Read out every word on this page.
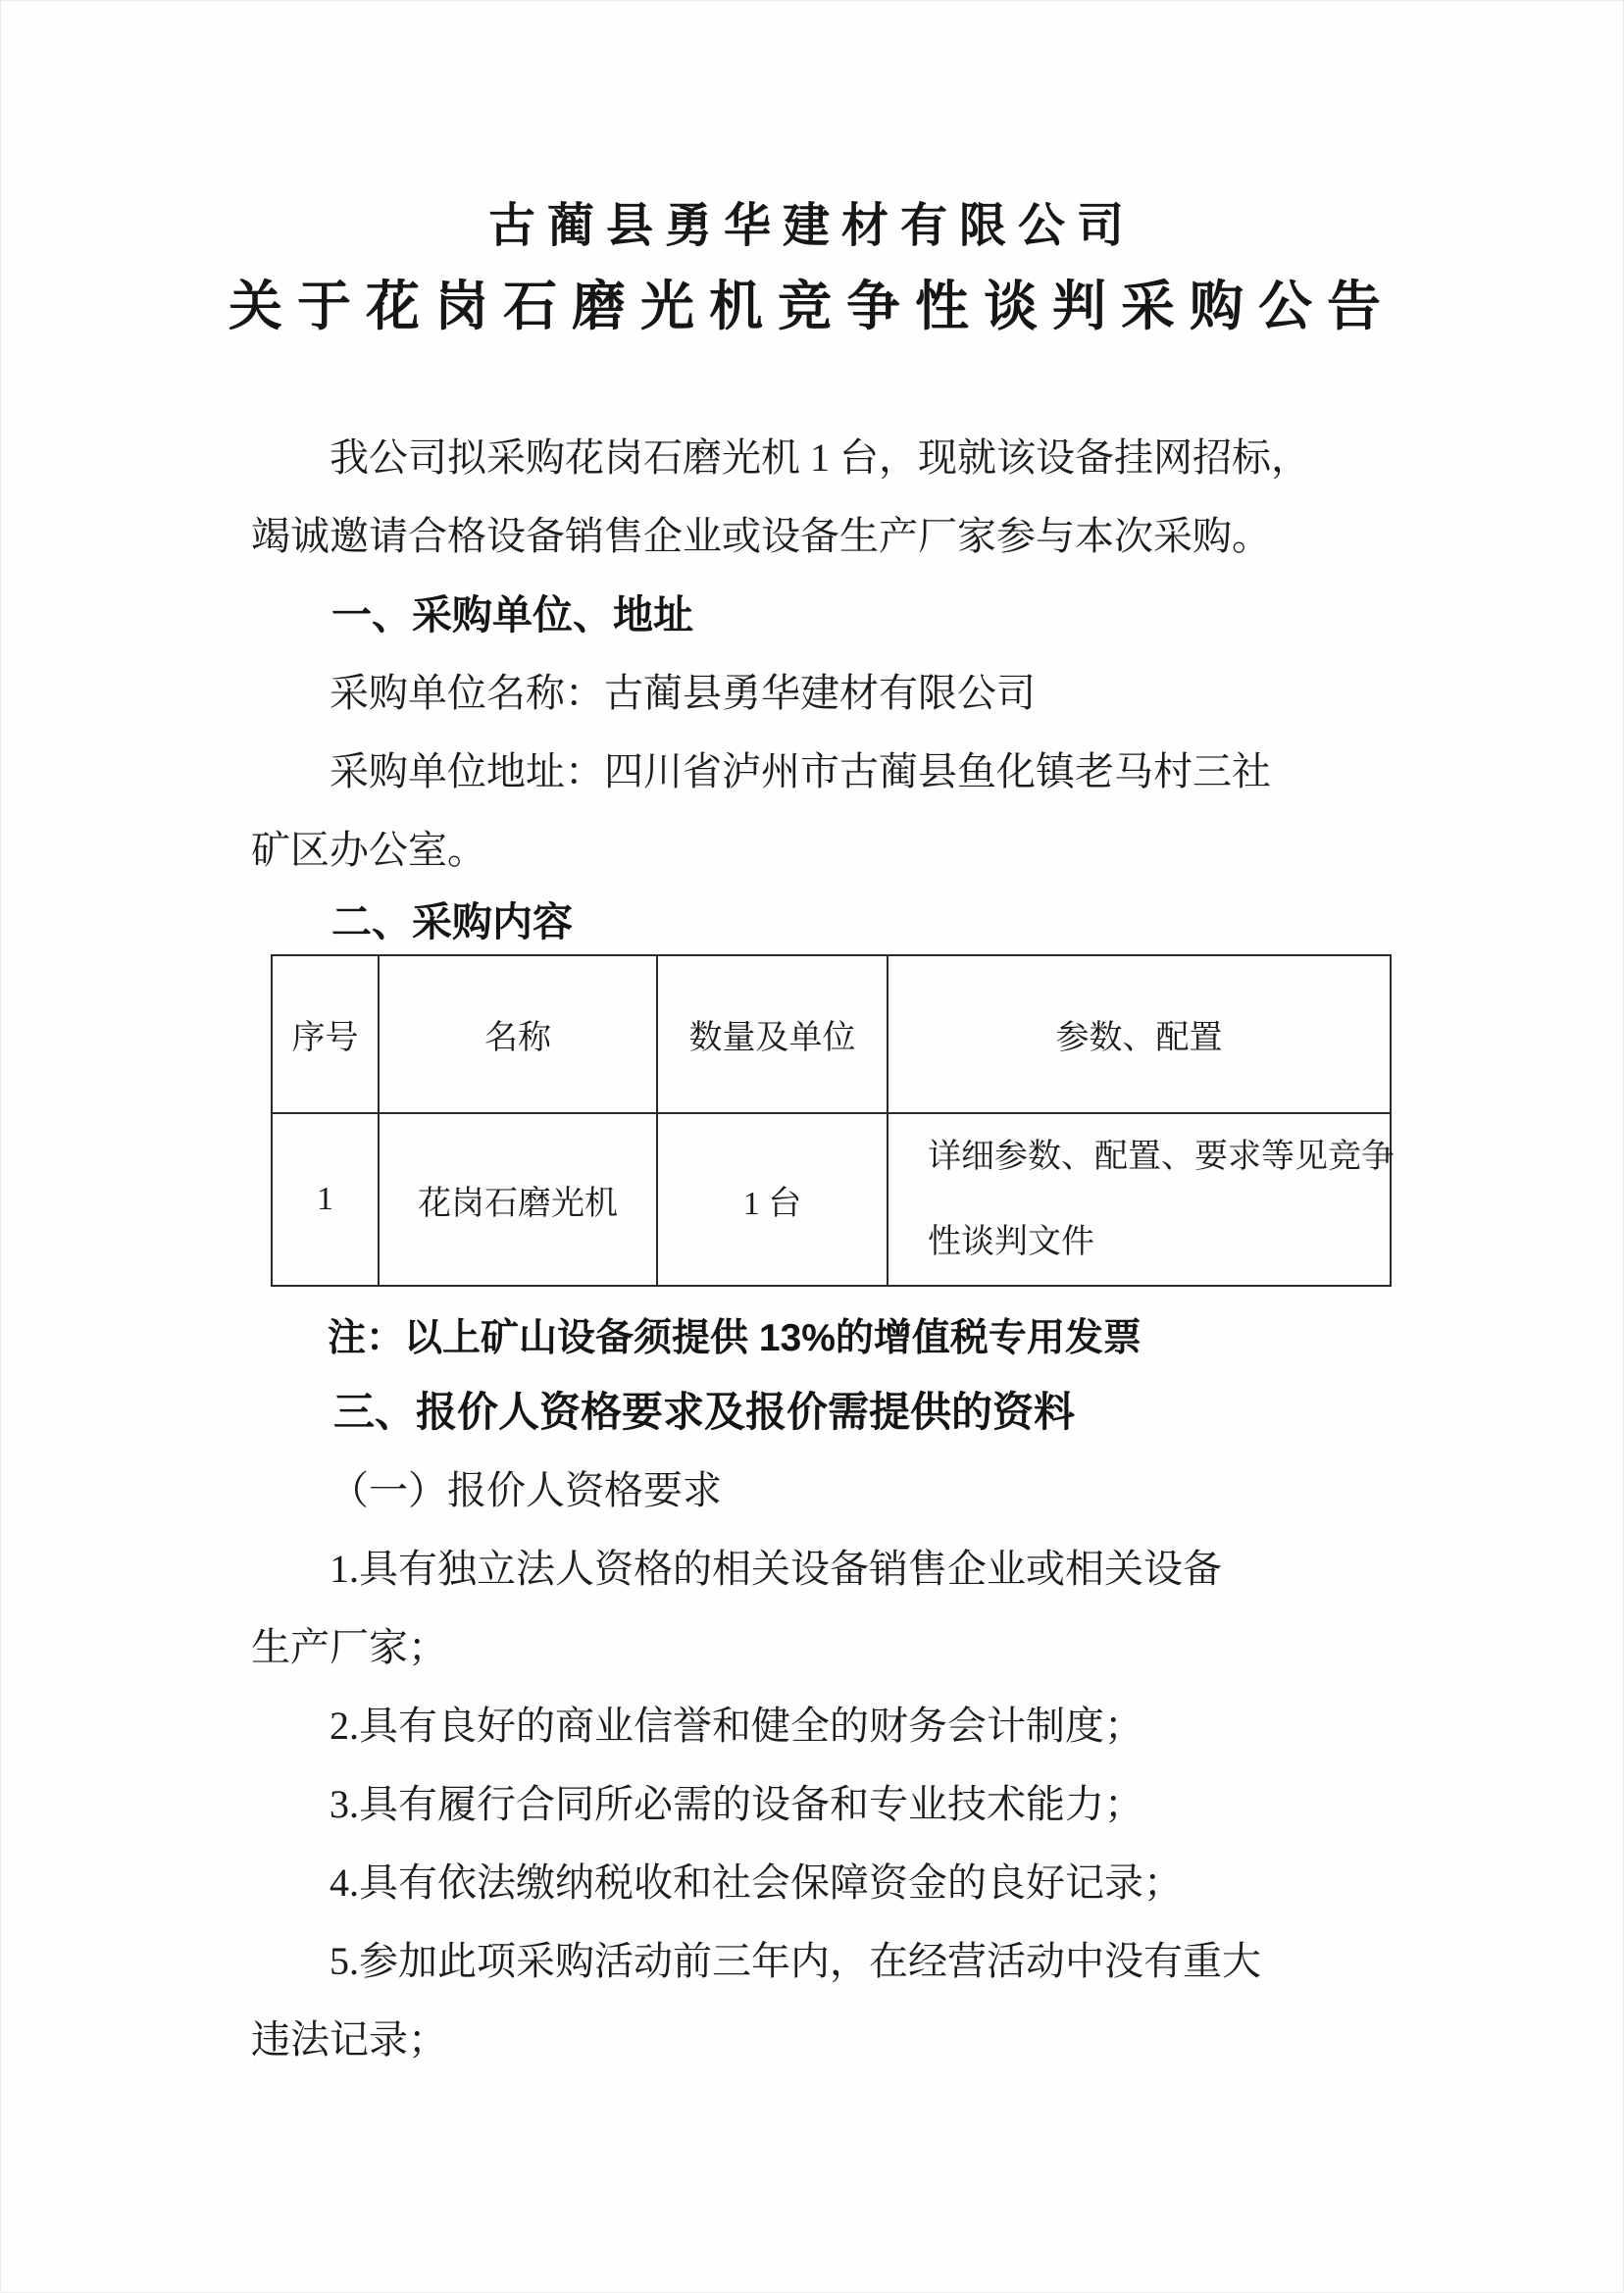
古蔺县勇华建材有限公司
关于花岗石磨光机竞争性谈判采购公告
我公司拟采购花岗石磨光机 1 台，现就该设备挂网招标，
竭诚邀请合格设备销售企业或设备生产厂家参与本次采购。
一、采购单位、地址
采购单位名称：古蔺县勇华建材有限公司
采购单位地址：四川省泸州市古蔺县鱼化镇老马村三社
矿区办公室。
二、采购内容
序号	名称	数量及单位	参数、配置
1	花岗石磨光机	1 台	详细参数、配置、要求等见竞争
性谈判文件
注：以上矿山设备须提供 13%的增值税专用发票
三、报价人资格要求及报价需提供的资料
（一）报价人资格要求
1.具有独立法人资格的相关设备销售企业或相关设备
生产厂家；
2.具有良好的商业信誉和健全的财务会计制度；
3.具有履行合同所必需的设备和专业技术能力；
4.具有依法缴纳税收和社会保障资金的良好记录；
5.参加此项采购活动前三年内，在经营活动中没有重大
违法记录；
